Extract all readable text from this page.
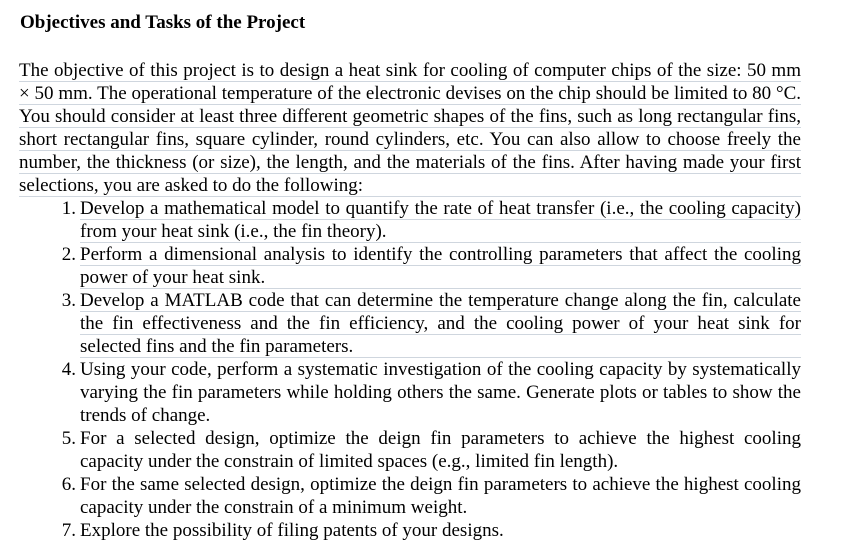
Objectives and Tasks of the Project

The objective of this project is to design a heat sink for cooling of computer chips of the size: 50 mm × 50 mm. The operational temperature of the electronic devises on the chip should be limited to 80 °C. You should consider at least three different geometric shapes of the fins, such as long rectangular fins, short rectangular fins, square cylinder, round cylinders, etc. You can also allow to choose freely the number, the thickness (or size), the length, and the materials of the fins. After having made your first selections, you are asked to do the following:

1. Develop a mathematical model to quantify the rate of heat transfer (i.e., the cooling capacity) from your heat sink (i.e., the fin theory).
2. Perform a dimensional analysis to identify the controlling parameters that affect the cooling power of your heat sink.
3. Develop a MATLAB code that can determine the temperature change along the fin, calculate the fin effectiveness and the fin efficiency, and the cooling power of your heat sink for selected fins and the fin parameters.
4. Using your code, perform a systematic investigation of the cooling capacity by systematically varying the fin parameters while holding others the same. Generate plots or tables to show the trends of change.
5. For a selected design, optimize the deign fin parameters to achieve the highest cooling capacity under the constrain of limited spaces (e.g., limited fin length).
6. For the same selected design, optimize the deign fin parameters to achieve the highest cooling capacity under the constrain of a minimum weight.
7. Explore the possibility of filing patents of your designs.
